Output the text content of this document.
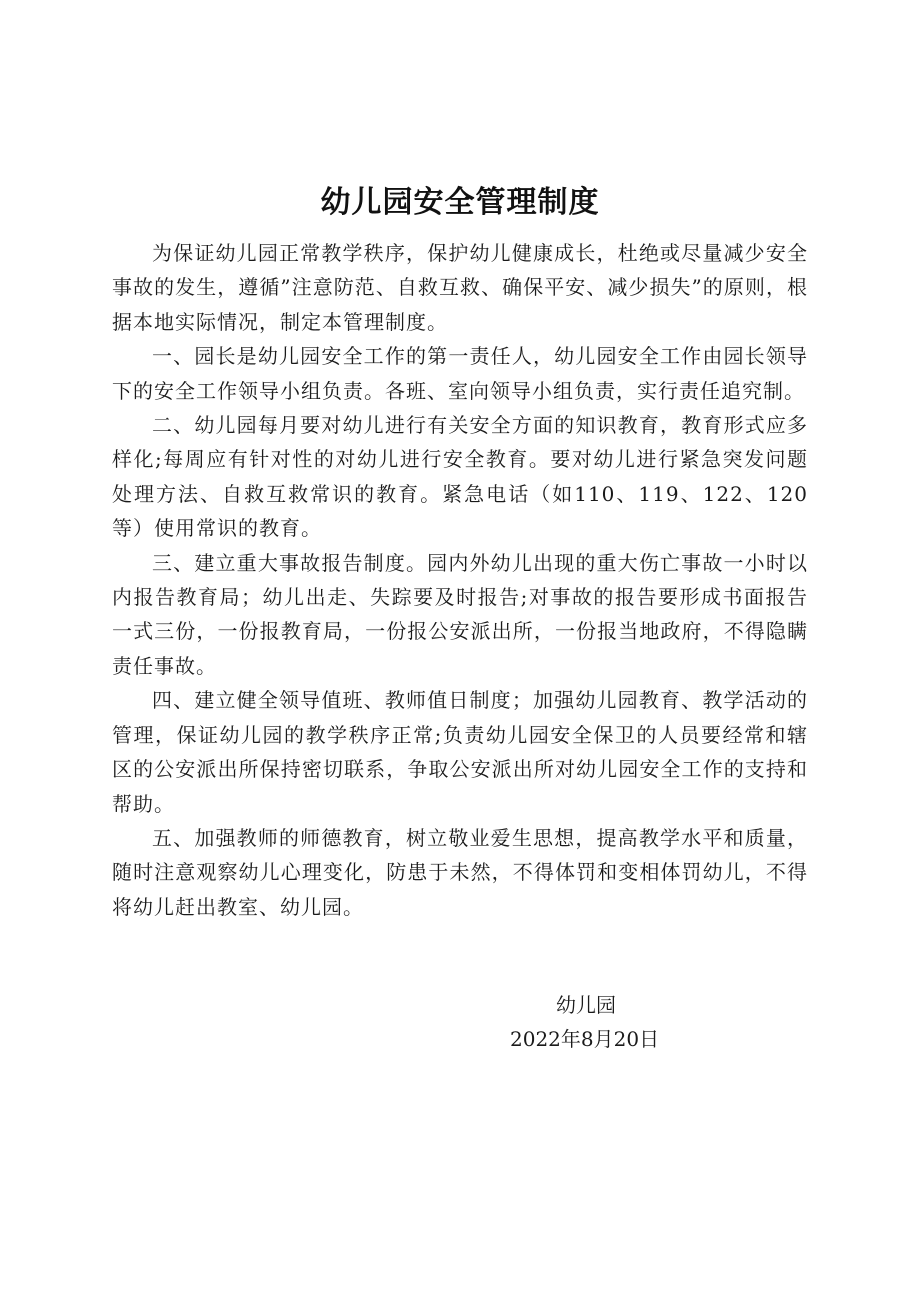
幼儿园安全管理制度

为保证幼儿园正常教学秩序，保护幼儿健康成长，杜绝或尽量减少安全事故的发生，遵循”注意防范、自救互救、确保平安、减少损失”的原则，根据本地实际情况，制定本管理制度。

一、园长是幼儿园安全工作的第一责任人，幼儿园安全工作由园长领导下的安全工作领导小组负责。各班、室向领导小组负责，实行责任追究制。

二、幼儿园每月要对幼儿进行有关安全方面的知识教育，教育形式应多样化;每周应有针对性的对幼儿进行安全教育。要对幼儿进行紧急突发问题处理方法、自救互救常识的教育。紧急电话（如110、119、122、120等）使用常识的教育。

三、建立重大事故报告制度。园内外幼儿出现的重大伤亡事故一小时以内报告教育局；幼儿出走、失踪要及时报告;对事故的报告要形成书面报告一式三份，一份报教育局，一份报公安派出所，一份报当地政府，不得隐瞒责任事故。

四、建立健全领导值班、教师值日制度；加强幼儿园教育、教学活动的管理，保证幼儿园的教学秩序正常;负责幼儿园安全保卫的人员要经常和辖区的公安派出所保持密切联系，争取公安派出所对幼儿园安全工作的支持和帮助。

五、加强教师的师德教育，树立敬业爱生思想，提高教学水平和质量，随时注意观察幼儿心理变化，防患于未然，不得体罚和变相体罚幼儿，不得将幼儿赶出教室、幼儿园。

幼儿园
2022年8月20日
